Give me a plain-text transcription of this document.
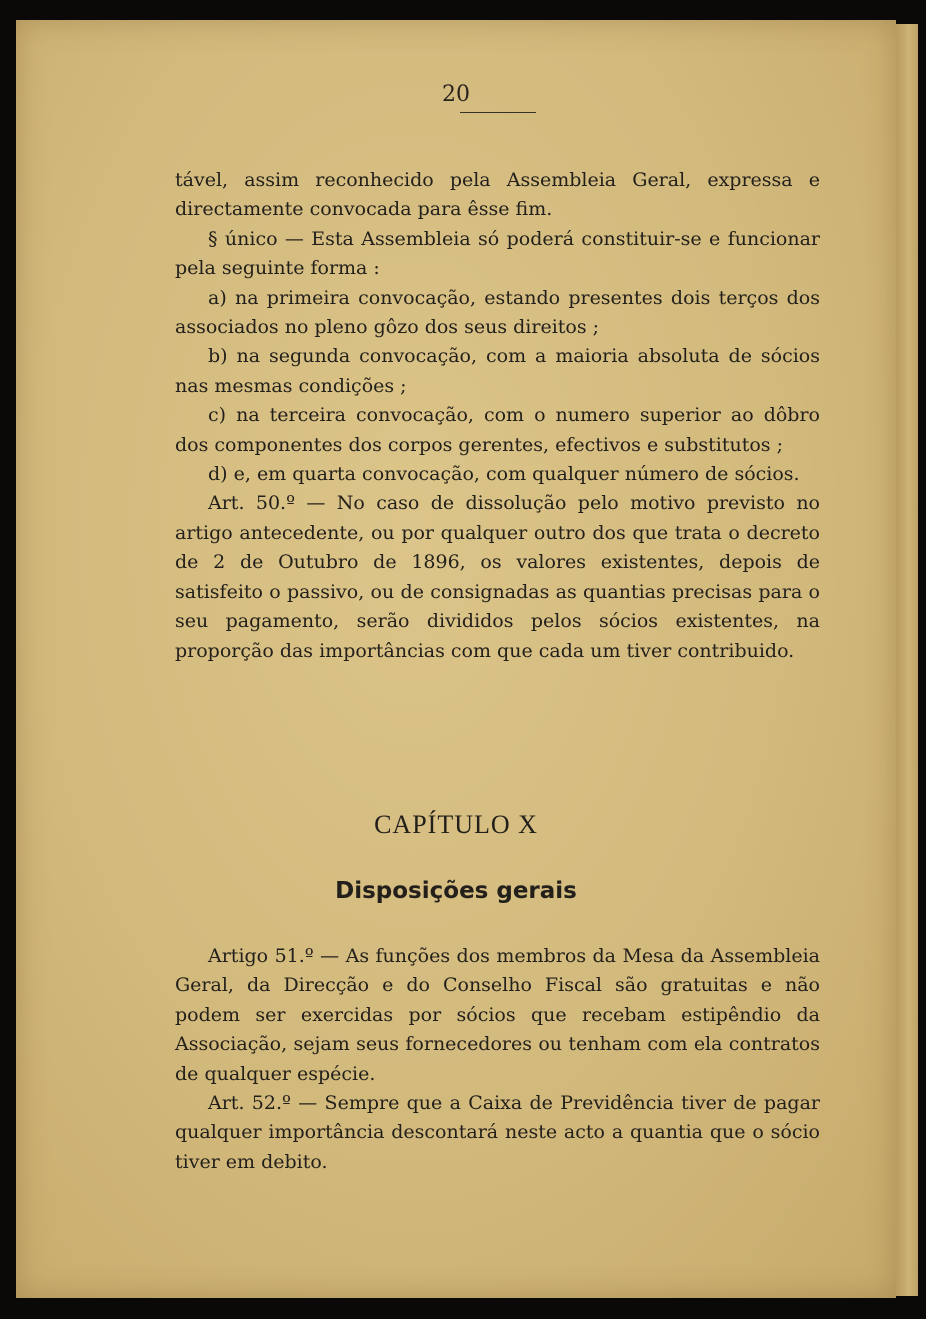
20

tável, assim reconhecido pela Assembleia Geral, expressa e directamente convocada para êsse fim.

§ único — Esta Assembleia só poderá constituir-se e funcionar pela seguinte forma :

a) na primeira convocação, estando presentes dois terços dos associados no pleno gôzo dos seus direitos ;

b) na segunda convocação, com a maioria absoluta de sócios nas mesmas condições ;

c) na terceira convocação, com o numero superior ao dôbro dos componentes dos corpos gerentes, efectivos e substitutos ;

d) e, em quarta convocação, com qualquer número de sócios.

Art. 50.º — No caso de dissolução pelo motivo previsto no artigo antecedente, ou por qualquer outro dos que trata o decreto de 2 de Outubro de 1896, os valores existentes, depois de satisfeito o passivo, ou de consignadas as quantias precisas para o seu pagamento, serão divididos pelos sócios existentes, na proporção das importâncias com que cada um tiver contribuido.

CAPÍTULO X
Disposições gerais

Artigo 51.º — As funções dos membros da Mesa da Assembleia Geral, da Direcção e do Conselho Fiscal são gratuitas e não podem ser exercidas por sócios que recebam estipêndio da Associação, sejam seus fornecedores ou tenham com ela contratos de qualquer espécie.

Art. 52.º — Sempre que a Caixa de Previdência tiver de pagar qualquer importância descontará neste acto a quantia que o sócio tiver em debito.
